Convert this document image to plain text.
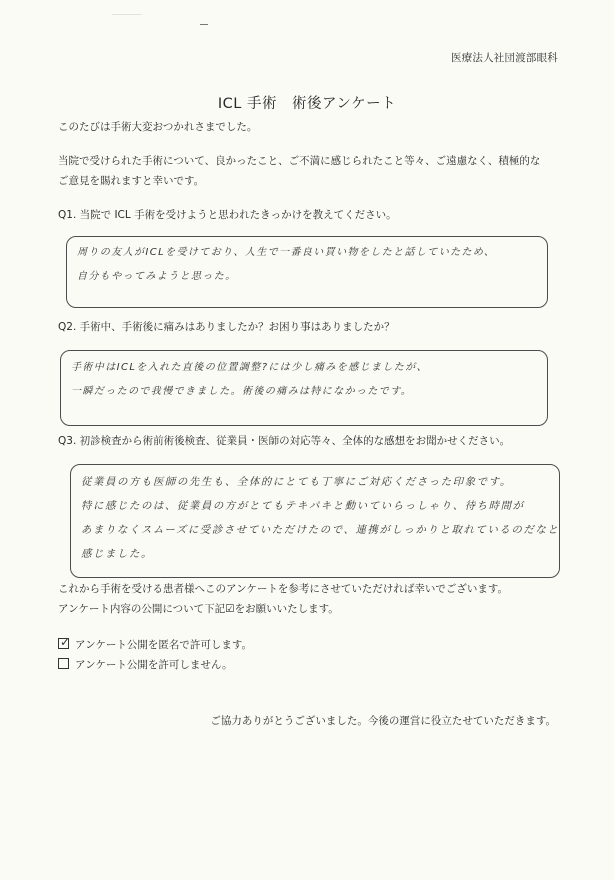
医療法人社団渡部眼科
ICL 手術　術後アンケート
このたびは手術大変おつかれさまでした。
当院で受けられた手術について、良かったこと、ご不満に感じられたこと等々、ご遠慮なく、積極的な
ご意見を賜れますと幸いです。
Q1. 当院で ICL 手術を受けようと思われたきっかけを教えてください。
周りの友人がICLを受けており、人生で一番良い買い物をしたと話していたため、
自分もやってみようと思った。
Q2. 手術中、手術後に痛みはありましたか？お困り事はありましたか？
手術中はICLを入れた直後の位置調整?には少し痛みを感じましたが、
一瞬だったので我慢できました。術後の痛みは特になかったです。
Q3. 初診検査から術前術後検査、従業員・医師の対応等々、全体的な感想をお聞かせください。
従業員の方も医師の先生も、全体的にとても丁寧にご対応くださった印象です。
特に感じたのは、従業員の方がとてもテキパキと動いていらっしゃり、待ち時間が
あまりなくスムーズに受診させていただけたので、連携がしっかりと取れているのだなと
感じました。
これから手術を受ける患者様へこのアンケートを参考にさせていただければ幸いでございます。
アンケート内容の公開について下記☑をお願いいたします。
✓ アンケート公開を匿名で許可します。
アンケート公開を許可しません。
ご協力ありがとうございました。今後の運営に役立たせていただきます。
